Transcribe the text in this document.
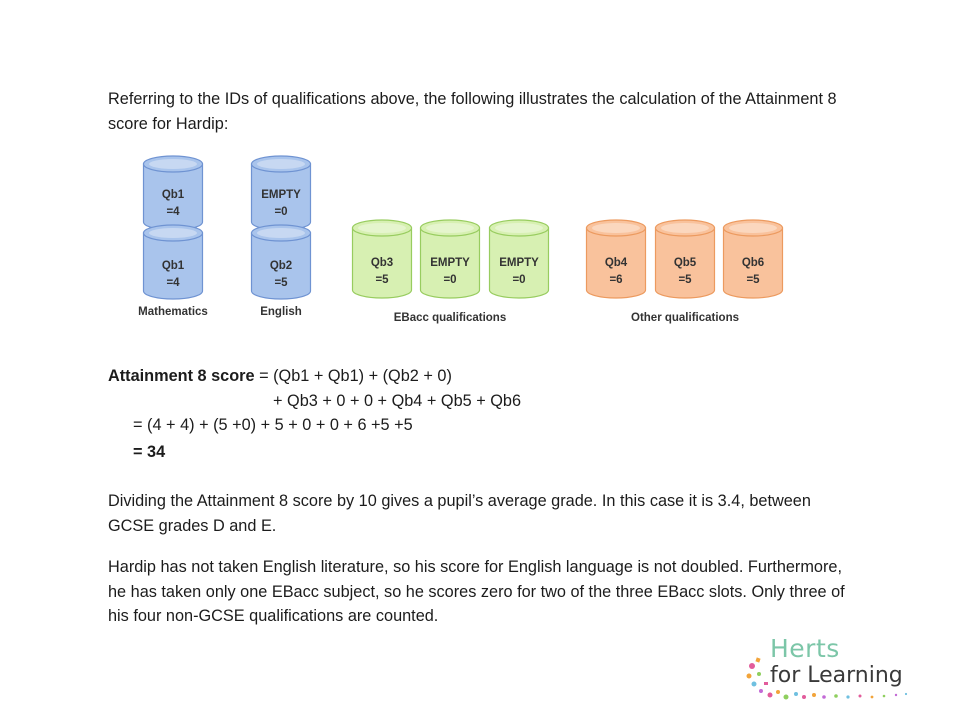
Referring to the IDs of qualifications above, the following illustrates the calculation of the Attainment 8 score for Hardip:

Qb1
=4
Qb1
=4
EMPTY
=0
Qb2
=5
Qb3
=5
EMPTY
=0
EMPTY
=0
Qb4
=6
Qb5
=5
Qb6
=5
Mathematics	English	EBacc qualifications	Other qualifications

Attainment 8 score = (Qb1 + Qb1) + (Qb2 + 0)

+ Qb3 + 0 + 0 + Qb4 + Qb5 + Qb6

= (4 + 4) + (5 +0) + 5 + 0 + 0 + 6 +5 +5

= 34

Dividing the Attainment 8 score by 10 gives a pupil’s average grade. In this case it is 3.4, between GCSE grades D and E.

Hardip has not taken English literature, so his score for English language is not doubled. Furthermore, he has taken only one EBacc subject, so he scores zero for two of the three EBacc slots. Only three of his four non-GCSE qualifications are counted.

Herts
for Learning
